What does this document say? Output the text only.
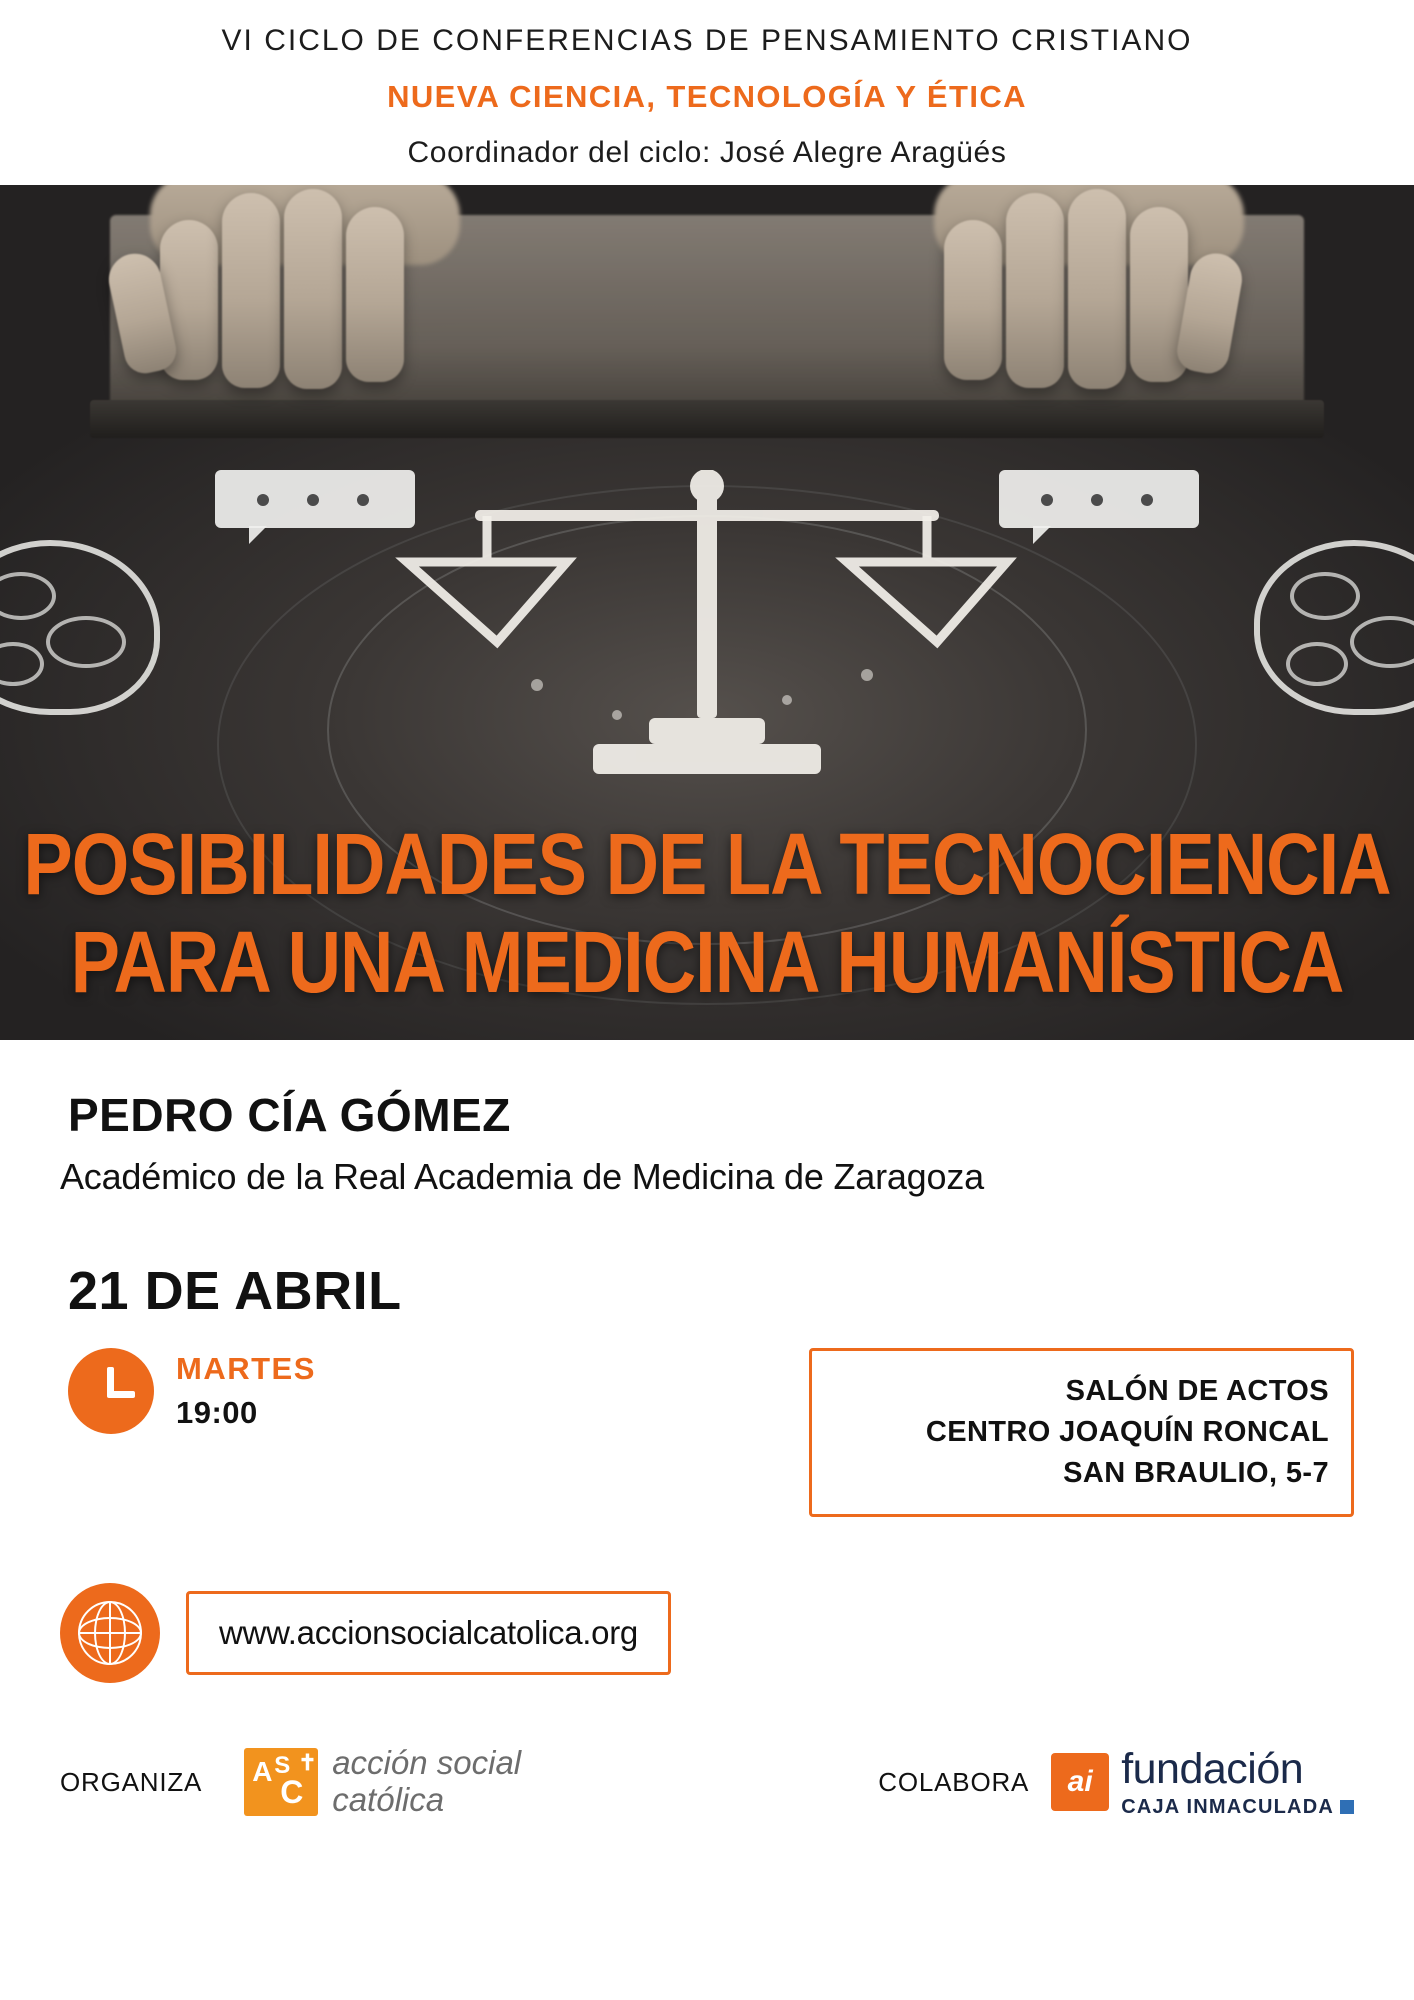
VI CICLO DE CONFERENCIAS DE PENSAMIENTO CRISTIANO
NUEVA CIENCIA, TECNOLOGÍA Y ÉTICA
Coordinador del ciclo: José Alegre Aragüés
POSIBILIDADES DE LA TECNOCIENCIA
PARA UNA MEDICINA HUMANÍSTICA
PEDRO CÍA GÓMEZ
Académico de la Real Academia de Medicina de Zaragoza
21 DE ABRIL
MARTES
19:00
SALÓN DE ACTOS
CENTRO JOAQUÍN RONCAL
SAN BRAULIO, 5-7
www.accionsocialcatolica.org
ORGANIZA A S
C
✝ acción social
católica	COLABORA	ai fundación
CAJA INMACULADA
